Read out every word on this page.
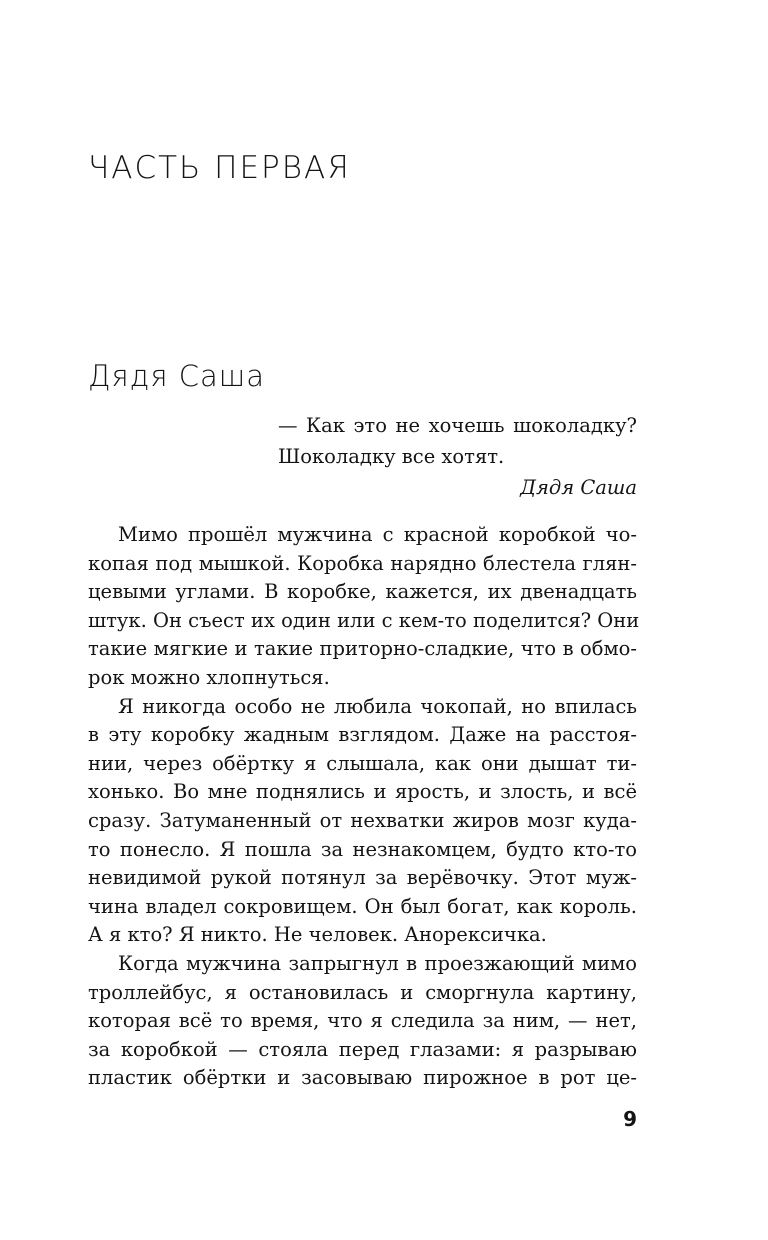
ЧАСТЬ ПЕРВАЯ
Дядя Саша
— Как это не хочешь шоколадку?
Шоколадку все хотят.
Дядя Саша
Мимо прошёл мужчина с красной коробкой чо-
копая под мышкой. Коробка нарядно блестела глян-
цевыми углами. В коробке, кажется, их двенадцать
штук. Он съест их один или с кем-то поделится? Они
такие мягкие и такие приторно-сладкие, что в обмо-
рок можно хлопнуться.
Я никогда особо не любила чокопай, но впилась
в эту коробку жадным взглядом. Даже на расстоя-
нии, через обёртку я слышала, как они дышат ти-
хонько. Во мне поднялись и ярость, и злость, и всё
сразу. Затуманенный от нехватки жиров мозг куда-
то понесло. Я пошла за незнакомцем, будто кто-то
невидимой рукой потянул за верёвочку. Этот муж-
чина владел сокровищем. Он был богат, как король.
А я кто? Я никто. Не человек. Анорексичка.
Когда мужчина запрыгнул в проезжающий мимо
троллейбус, я остановилась и сморгнула картину,
которая всё то время, что я следила за ним, — нет,
за коробкой — стояла перед глазами: я разрываю
пластик обёртки и засовываю пирожное в рот це-
9
